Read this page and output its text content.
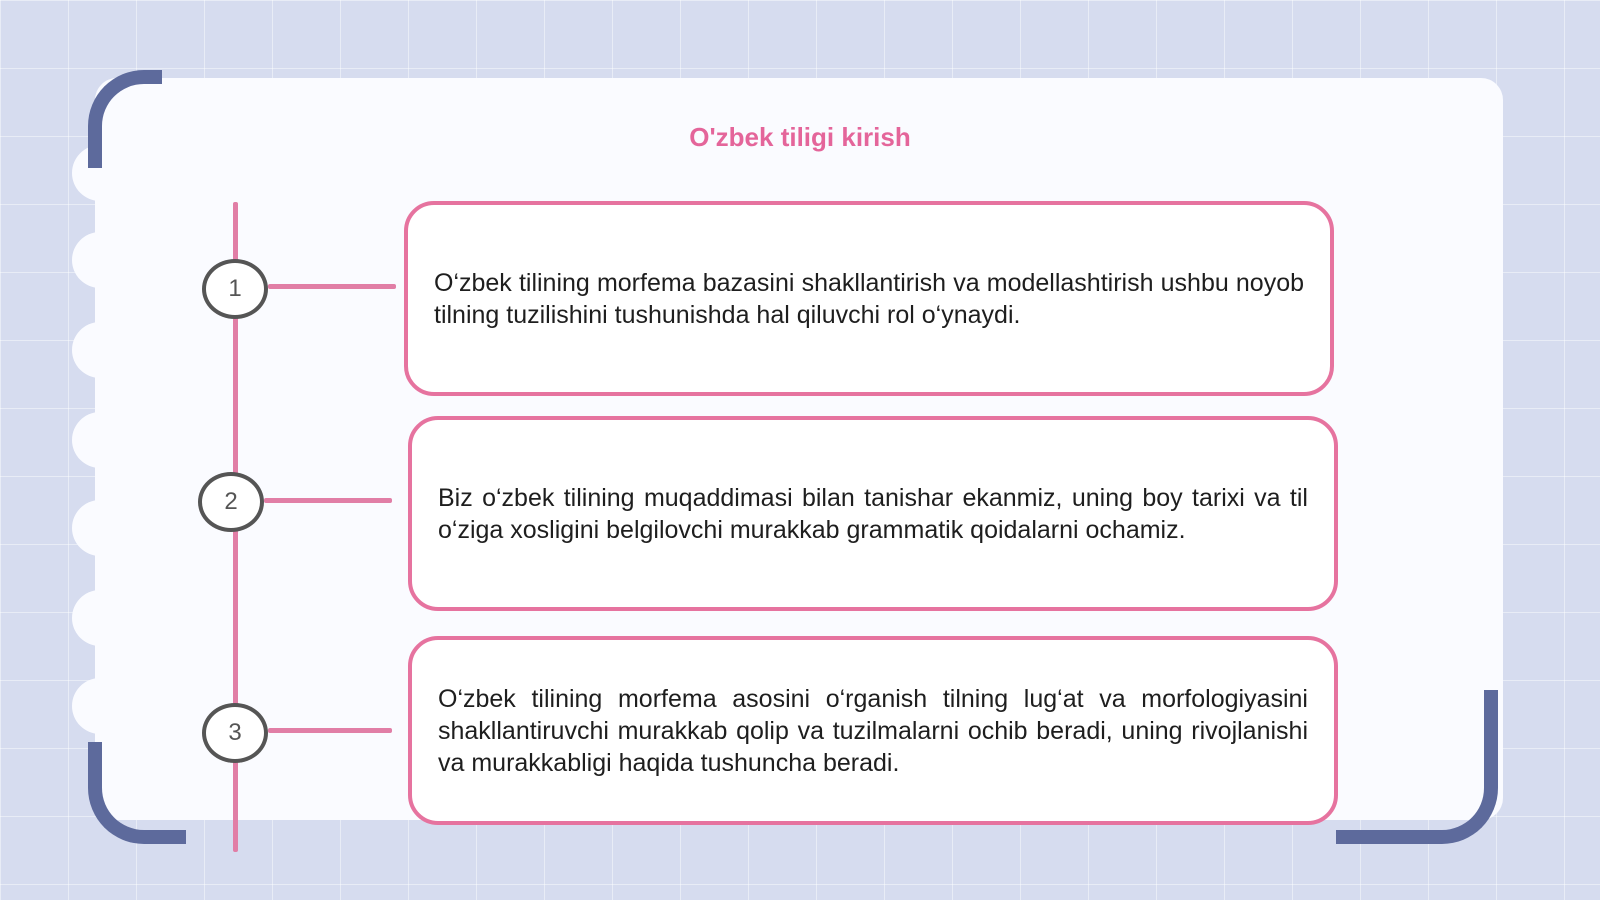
O'zbek tiligi kirish
1
2
3

O‘zbek tilining morfema bazasini shakllantirish va modellashtirish ushbu noyob tilning tuzilishini tushunishda hal qiluvchi rol o‘ynaydi.

Biz o‘zbek tilining muqaddimasi bilan tanishar ekanmiz, uning boy tarixi va til o‘ziga xosligini belgilovchi murakkab grammatik qoidalarni ochamiz.

O‘zbek tilining morfema asosini o‘rganish tilning lug‘at va morfologiyasini shakllantiruvchi murakkab qolip va tuzilmalarni ochib beradi, uning rivojlanishi va murakkabligi haqida tushuncha beradi.
